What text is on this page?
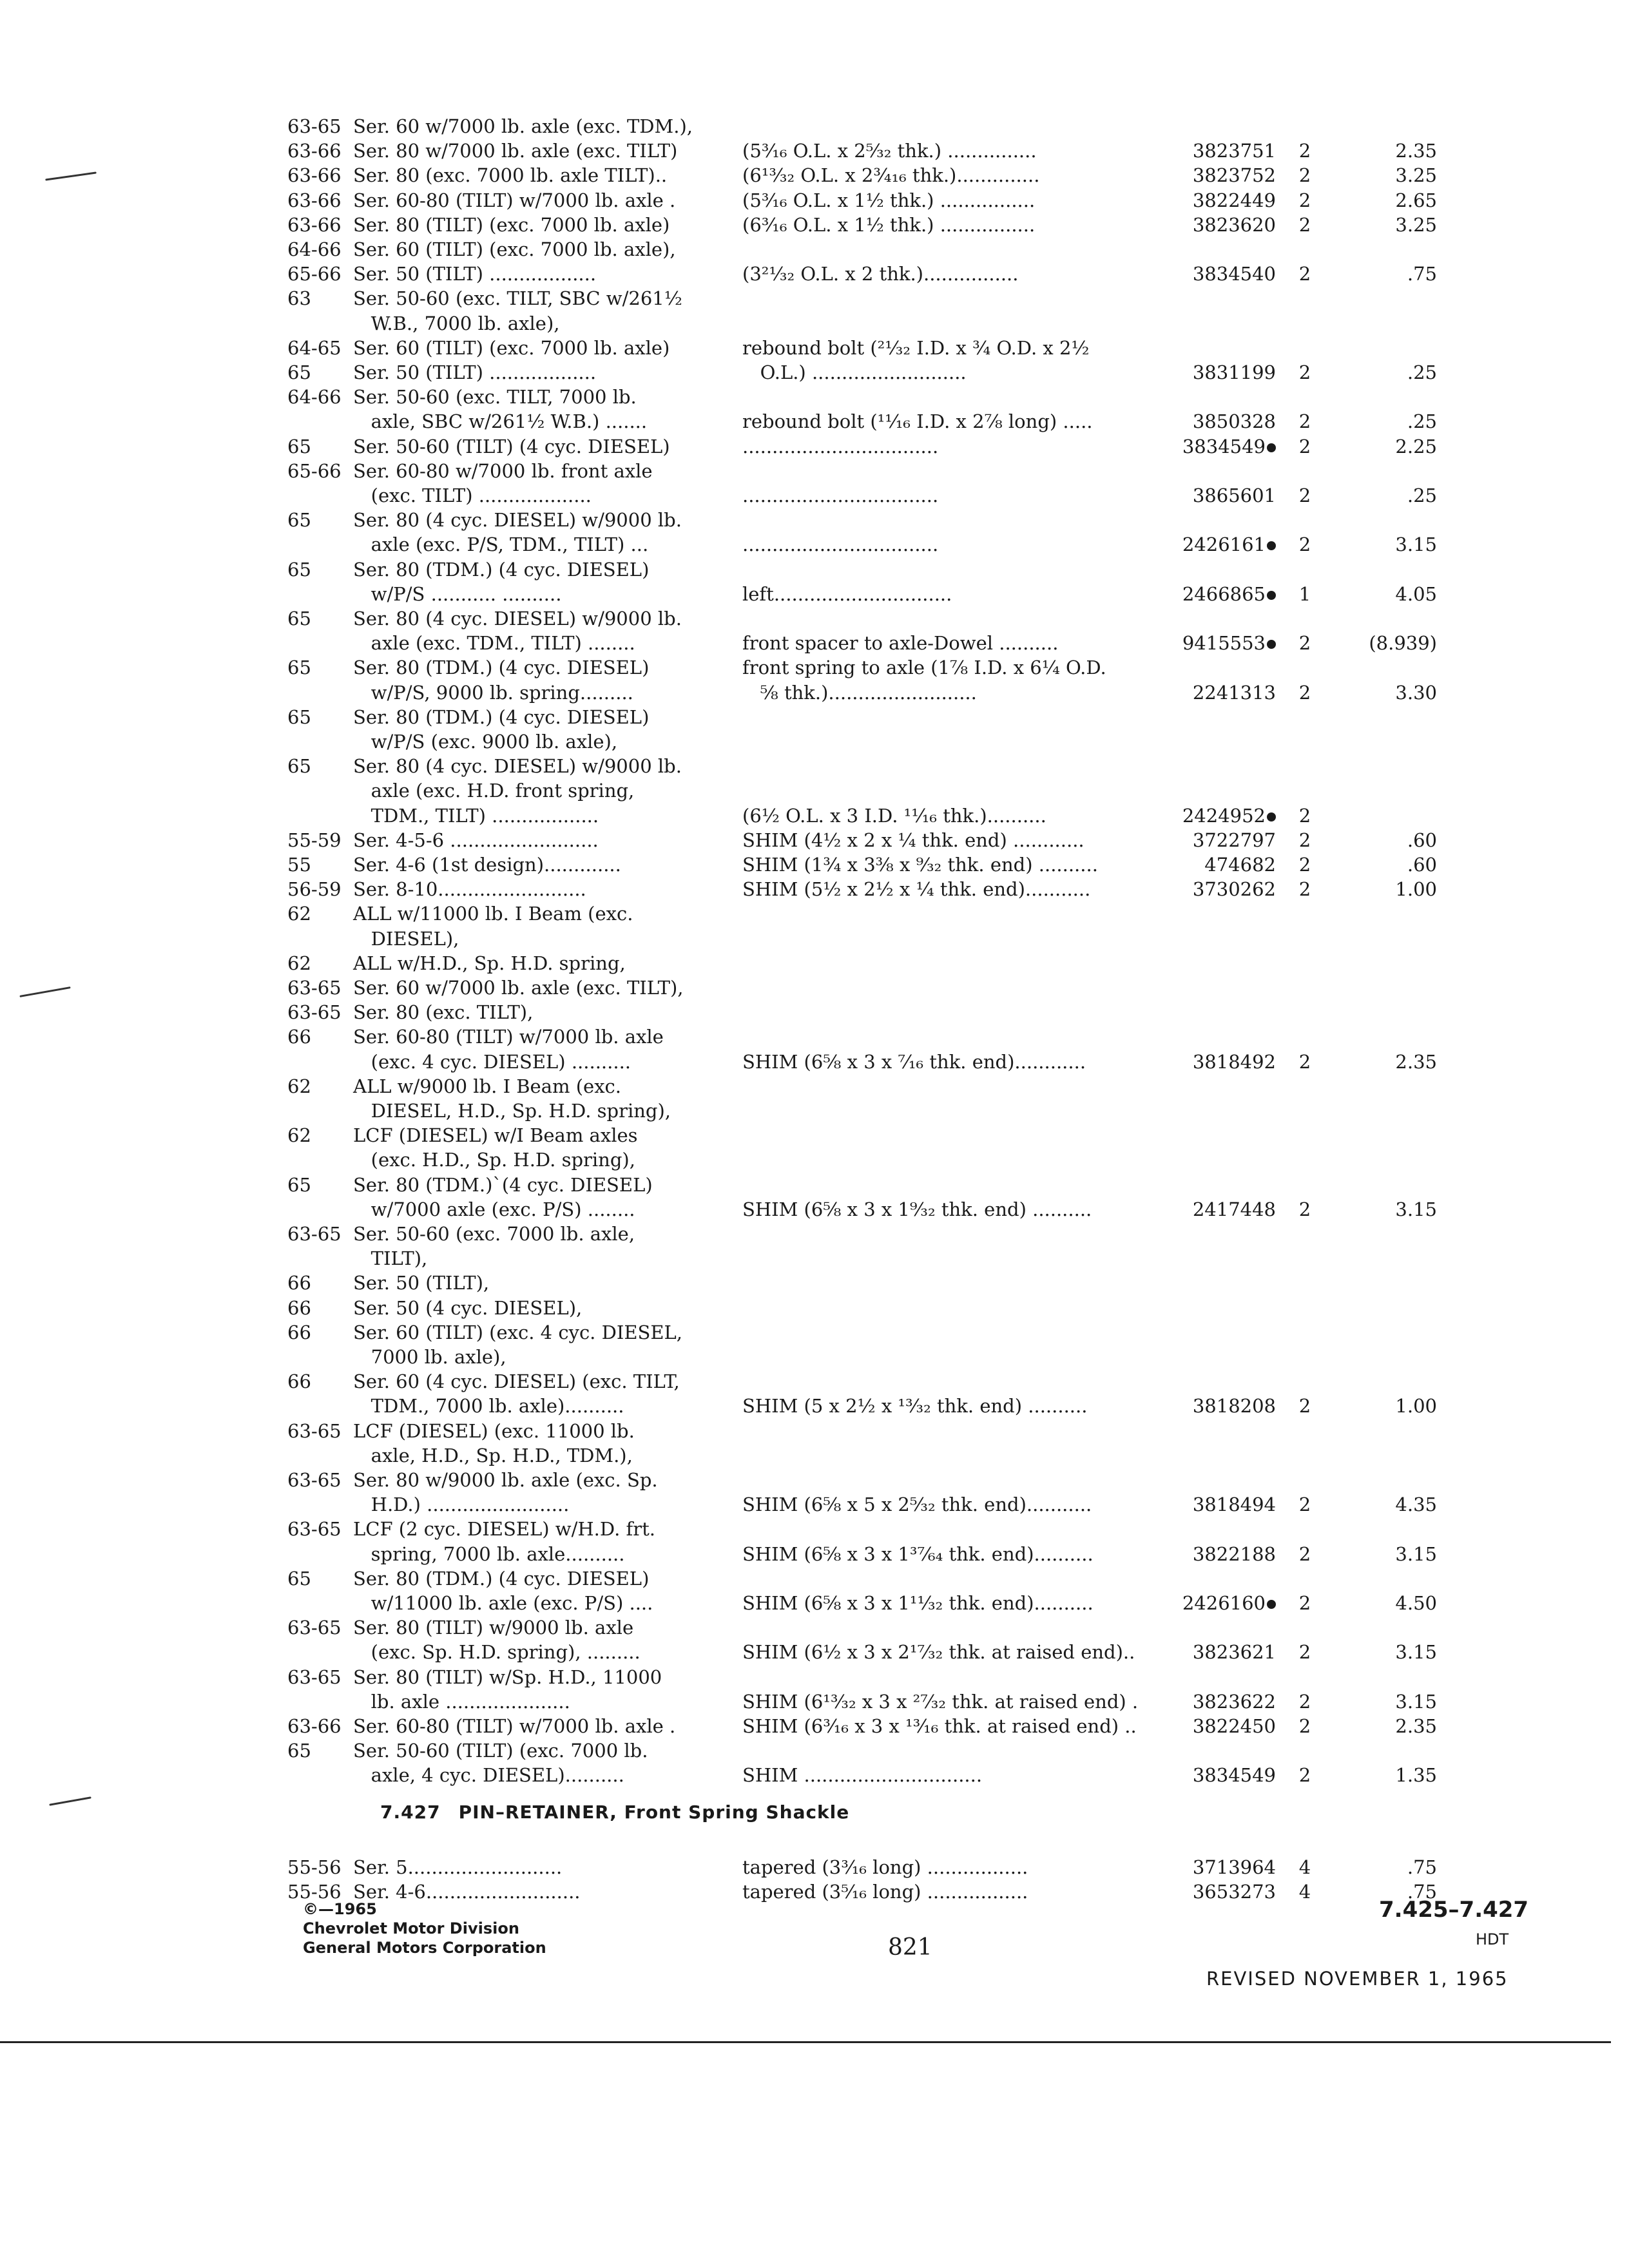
63-65 Ser. 60 w/7000 lb. axle (exc. TDM.),
63-66 Ser. 80 w/7000 lb. axle (exc. TILT)	(5³⁄₁₆ O.L. x 2⁵⁄₃₂ thk.) ...............	3823751 2	2.35
63-66 Ser. 80 (exc. 7000 lb. axle TILT)..	(6¹³⁄₃₂ O.L. x 2¾₁₆ thk.)..............	3823752 2	3.25
63-66 Ser. 60-80 (TILT) w/7000 lb. axle .	(5³⁄₁₆ O.L. x 1½ thk.) ................	3822449 2	2.65
63-66 Ser. 80 (TILT) (exc. 7000 lb. axle)	(6³⁄₁₆ O.L. x 1½ thk.) ................	3823620 2	3.25
64-66 Ser. 60 (TILT) (exc. 7000 lb. axle),
65-66 Ser. 50 (TILT) ..................	(3²¹⁄₃₂ O.L. x 2 thk.)................	3834540 2	.75
63 Ser. 50-60 (exc. TILT, SBC w/261½
W.B., 7000 lb. axle),
64-65 Ser. 60 (TILT) (exc. 7000 lb. axle)	rebound bolt (²¹⁄₃₂ I.D. x ¾ O.D. x 2½
65 Ser. 50 (TILT) ..................	O.L.) ..........................	3831199 2	.25
64-66 Ser. 50-60 (exc. TILT, 7000 lb.
axle, SBC w/261½ W.B.) .......	rebound bolt (¹¹⁄₁₆ I.D. x 2⅞ long) .....	3850328 2	.25
65 Ser. 50-60 (TILT) (4 cyc. DIESEL)	.................................	3834549	2	2.25
65-66 Ser. 60-80 w/7000 lb. front axle
(exc. TILT) ...................	.................................	3865601 2	.25
65 Ser. 80 (4 cyc. DIESEL) w/9000 lb.
axle (exc. P/S, TDM., TILT) ...	.................................	2426161	2	3.15
65 Ser. 80 (TDM.) (4 cyc. DIESEL)
w/P/S ........... ..........	left..............................	2466865	1	4.05
65 Ser. 80 (4 cyc. DIESEL) w/9000 lb.
axle (exc. TDM., TILT) ........	front spacer to axle-Dowel ..........	9415553	2	(8.939)
65 Ser. 80 (TDM.) (4 cyc. DIESEL)	front spring to axle (1⅞ I.D. x 6¼ O.D.
w/P/S, 9000 lb. spring.........	⅝ thk.).........................	2241313 2	3.30
65 Ser. 80 (TDM.) (4 cyc. DIESEL)
w/P/S (exc. 9000 lb. axle),
65 Ser. 80 (4 cyc. DIESEL) w/9000 lb.
axle (exc. H.D. front spring,
TDM., TILT) ..................	(6½ O.L. x 3 I.D. ¹¹⁄₁₆ thk.)..........	2424952	2
55-59 Ser. 4-5-6 .........................	SHIM (4½ x 2 x ¼ thk. end) ............	3722797 2	.60
55 Ser. 4-6 (1st design).............	SHIM (1¾ x 3⅜ x ⁹⁄₃₂ thk. end) ..........	474682 2	.60
56-59 Ser. 8-10.........................	SHIM (5½ x 2½ x ¼ thk. end)...........	3730262 2	1.00
62 ALL w/11000 lb. I Beam (exc.
DIESEL),
62 ALL w/H.D., Sp. H.D. spring,
63-65 Ser. 60 w/7000 lb. axle (exc. TILT),
63-65 Ser. 80 (exc. TILT),
66 Ser. 60-80 (TILT) w/7000 lb. axle
(exc. 4 cyc. DIESEL) ..........	SHIM (6⅝ x 3 x ⁷⁄₁₆ thk. end)............	3818492 2	2.35
62 ALL w/9000 lb. I Beam (exc.
DIESEL, H.D., Sp. H.D. spring),
62 LCF (DIESEL) w/I Beam axles
(exc. H.D., Sp. H.D. spring),
65 Ser. 80 (TDM.)`(4 cyc. DIESEL)
w/7000 axle (exc. P/S) ........	SHIM (6⅝ x 3 x 1⁹⁄₃₂ thk. end) ..........	2417448 2	3.15
63-65 Ser. 50-60 (exc. 7000 lb. axle,
TILT),
66 Ser. 50 (TILT),
66 Ser. 50 (4 cyc. DIESEL),
66 Ser. 60 (TILT) (exc. 4 cyc. DIESEL,
7000 lb. axle),
66 Ser. 60 (4 cyc. DIESEL) (exc. TILT,
TDM., 7000 lb. axle)..........	SHIM (5 x 2½ x ¹³⁄₃₂ thk. end) ..........	3818208 2	1.00
63-65 LCF (DIESEL) (exc. 11000 lb.
axle, H.D., Sp. H.D., TDM.),
63-65 Ser. 80 w/9000 lb. axle (exc. Sp.
H.D.) ........................	SHIM (6⅝ x 5 x 2⁵⁄₃₂ thk. end)...........	3818494 2	4.35
63-65 LCF (2 cyc. DIESEL) w/H.D. frt.
spring, 7000 lb. axle..........	SHIM (6⅝ x 3 x 1³⁷⁄₆₄ thk. end)..........	3822188 2	3.15
65 Ser. 80 (TDM.) (4 cyc. DIESEL)
w/11000 lb. axle (exc. P/S) ....	SHIM (6⅝ x 3 x 1¹¹⁄₃₂ thk. end)..........	2426160	2	4.50
63-65 Ser. 80 (TILT) w/9000 lb. axle
(exc. Sp. H.D. spring), .........	SHIM (6½ x 3 x 2¹⁷⁄₃₂ thk. at raised end)..	3823621 2	3.15
63-65 Ser. 80 (TILT) w/Sp. H.D., 11000
lb. axle .....................	SHIM (6¹³⁄₃₂ x 3 x ²⁷⁄₃₂ thk. at raised end) .	3823622 2	3.15
63-66 Ser. 60-80 (TILT) w/7000 lb. axle .	SHIM (6³⁄₁₆ x 3 x ¹³⁄₁₆ thk. at raised end) ..	3822450 2	2.35
65 Ser. 50-60 (TILT) (exc. 7000 lb.
axle, 4 cyc. DIESEL)..........	SHIM ..............................	3834549 2	1.35
7.427 PIN–RETAINER, Front Spring Shackle
55-56 Ser. 5..........................	tapered (3³⁄₁₆ long) .................	3713964 4	.75
55-56 Ser. 4-6..........................	tapered (3⁵⁄₁₆ long) .................	3653273 4	.75
©—1965
Chevrolet Motor Division
General Motors Corporation	821
7.425–7.427
HDT
REVISED NOVEMBER 1, 1965
